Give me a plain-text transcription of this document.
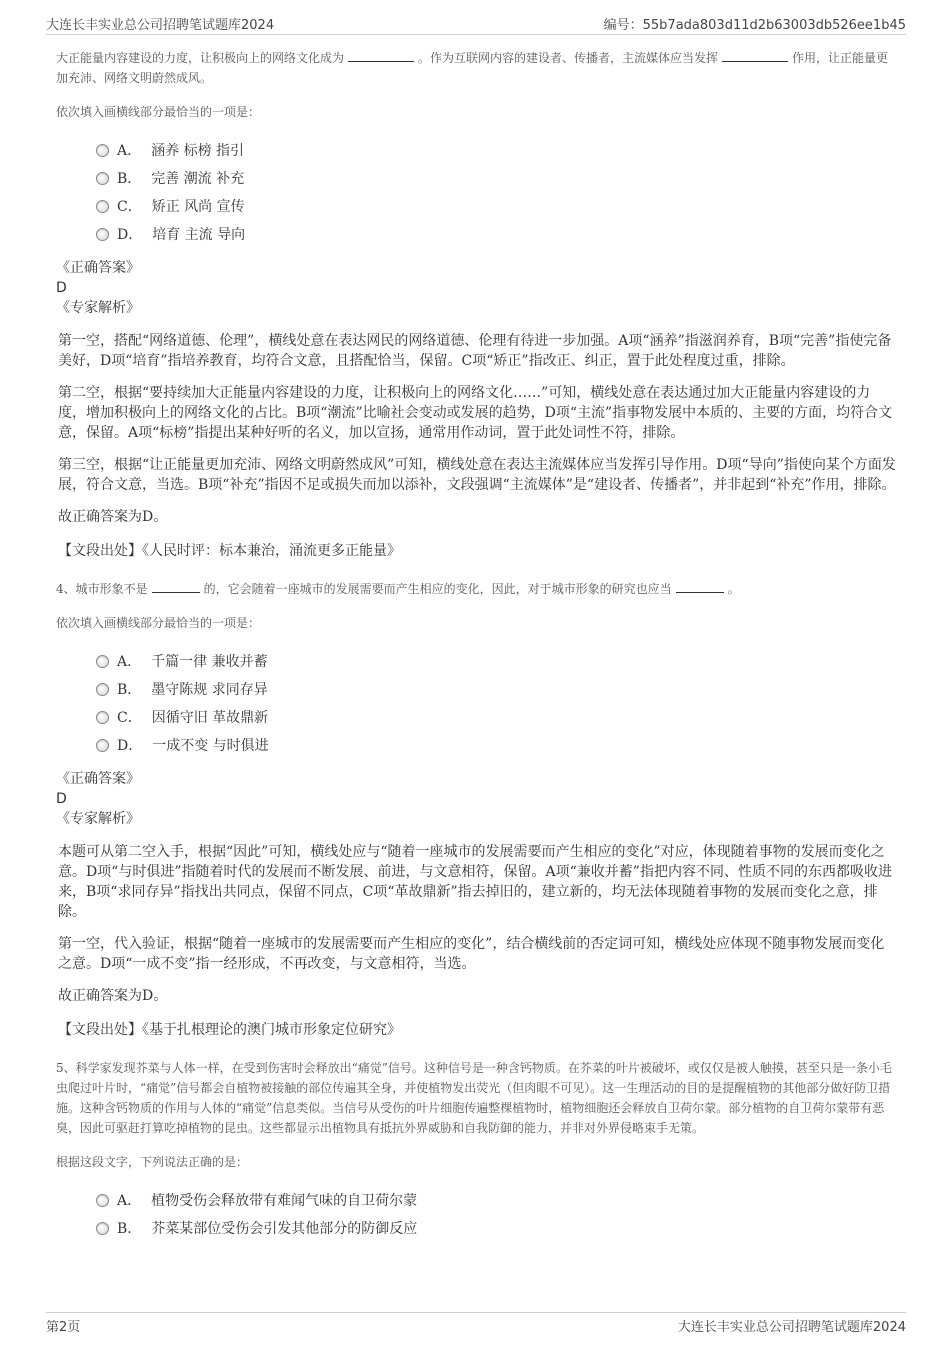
大连长丰实业总公司招聘笔试题库2024	编号：55b7ada803d11d2b63003db526ee1b45

大正能量内容建设的力度，让积极向上的网络文化成为	。作为互联网内容的建设者、传播者，主流媒体应当发挥	作用，让正能量更加充沛、网络文明蔚然成风。

依次填入画横线部分最恰当的一项是：

A． 涵养 标榜 指引
B． 完善 潮流 补充
C． 矫正 风尚 宣传
D． 培育 主流 导向

《正确答案》

D

《专家解析》

第一空，搭配“网络道德、伦理”，横线处意在表达网民的网络道德、伦理有待进一步加强。A项“涵养”指滋润养育，B项“完善”指使完备美好，D项“培育”指培养教育，均符合文意，且搭配恰当，保留。C项“矫正”指改正、纠正，置于此处程度过重，排除。

第二空，根据“要持续加大正能量内容建设的力度，让积极向上的网络文化……”可知，横线处意在表达通过加大正能量内容建设的力度，增加积极向上的网络文化的占比。B项“潮流”比喻社会变动或发展的趋势，D项“主流”指事物发展中本质的、主要的方面，均符合文意，保留。A项“标榜”指提出某种好听的名义，加以宣扬，通常用作动词，置于此处词性不符，排除。

第三空，根据“让正能量更加充沛、网络文明蔚然成风”可知，横线处意在表达主流媒体应当发挥引导作用。D项“导向”指使向某个方面发展，符合文意，当选。B项“补充”指因不足或损失而加以添补，文段强调“主流媒体”是“建设者、传播者”，并非起到“补充”作用，排除。

故正确答案为D。

【文段出处】《人民时评：标本兼治，涌流更多正能量》

4、城市形象不是	的，它会随着一座城市的发展需要而产生相应的变化，因此，对于城市形象的研究也应当	。

依次填入画横线部分最恰当的一项是：

A． 千篇一律 兼收并蓄
B． 墨守陈规 求同存异
C． 因循守旧 革故鼎新
D． 一成不变 与时俱进

《正确答案》

D

《专家解析》

本题可从第二空入手，根据“因此”可知，横线处应与“随着一座城市的发展需要而产生相应的变化”对应，体现随着事物的发展而变化之意。D项“与时俱进”指随着时代的发展而不断发展、前进，与文意相符，保留。A项“兼收并蓄”指把内容不同、性质不同的东西都吸收进来，B项“求同存异”指找出共同点，保留不同点，C项“革故鼎新”指去掉旧的，建立新的，均无法体现随着事物的发展而变化之意，排除。

第一空，代入验证，根据“随着一座城市的发展需要而产生相应的变化”，结合横线前的否定词可知，横线处应体现不随事物发展而变化之意。D项“一成不变”指一经形成，不再改变，与文意相符，当选。

故正确答案为D。

【文段出处】《基于扎根理论的澳门城市形象定位研究》

5、科学家发现芥菜与人体一样，在受到伤害时会释放出“痛觉”信号。这种信号是一种含钙物质。在芥菜的叶片被破坏，或仅仅是被人触摸，甚至只是一条小毛虫爬过叶片时，“痛觉”信号都会自植物被接触的部位传遍其全身，并使植物发出荧光（但肉眼不可见）。这一生理活动的目的是提醒植物的其他部分做好防卫措施。这种含钙物质的作用与人体的“痛觉”信息类似。当信号从受伤的叶片细胞传遍整棵植物时，植物细胞还会释放自卫荷尔蒙。部分植物的自卫荷尔蒙带有恶臭，因此可驱赶打算吃掉植物的昆虫。这些都显示出植物具有抵抗外界威胁和自我防御的能力，并非对外界侵略束手无策。

根据这段文字，下列说法正确的是：

A． 植物受伤会释放带有难闻气味的自卫荷尔蒙
B． 芥菜某部位受伤会引发其他部分的防御反应
第2页	大连长丰实业总公司招聘笔试题库2024
